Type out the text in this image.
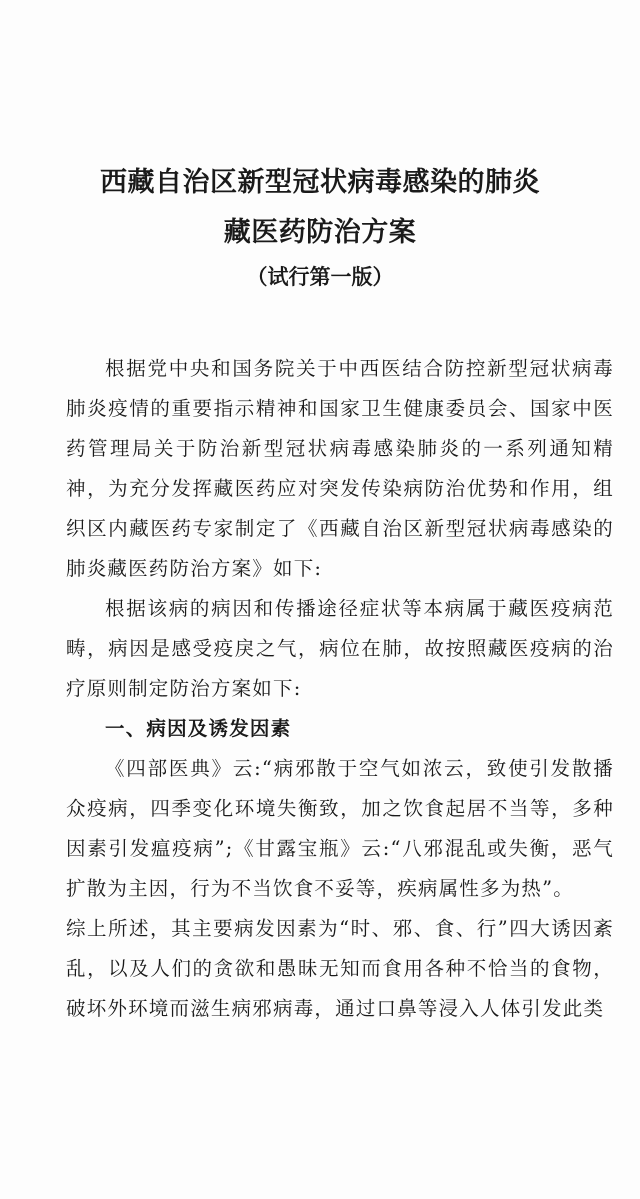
西藏自治区新型冠状病毒感染的肺炎
藏医药防治方案
（试行第一版）

根据党中央和国务院关于中西医结合防控新型冠状病毒肺炎疫情的重要指示精神和国家卫生健康委员会、国家中医药管理局关于防治新型冠状病毒感染肺炎的一系列通知精神，为充分发挥藏医药应对突发传染病防治优势和作用，组织区内藏医药专家制定了《西藏自治区新型冠状病毒感染的肺炎藏医药防治方案》如下:

根据该病的病因和传播途径症状等本病属于藏医疫病范畴，病因是感受疫戾之气，病位在肺，故按照藏医疫病的治疗原则制定防治方案如下:

一、病因及诱发因素

《四部医典》云:“病邪散于空气如浓云，致使引发散播众疫病，四季变化环境失衡致，加之饮食起居不当等，多种因素引发瘟疫病”;《甘露宝瓶》云:“八邪混乱或失衡，恶气扩散为主因，行为不当饮食不妥等，疾病属性多为热”。

综上所述，其主要病发因素为“时、邪、食、行”四大诱因紊乱，以及人们的贪欲和愚昧无知而食用各种不恰当的食物，破坏外环境而滋生病邪病毒，通过口鼻等浸入人体引发此类
